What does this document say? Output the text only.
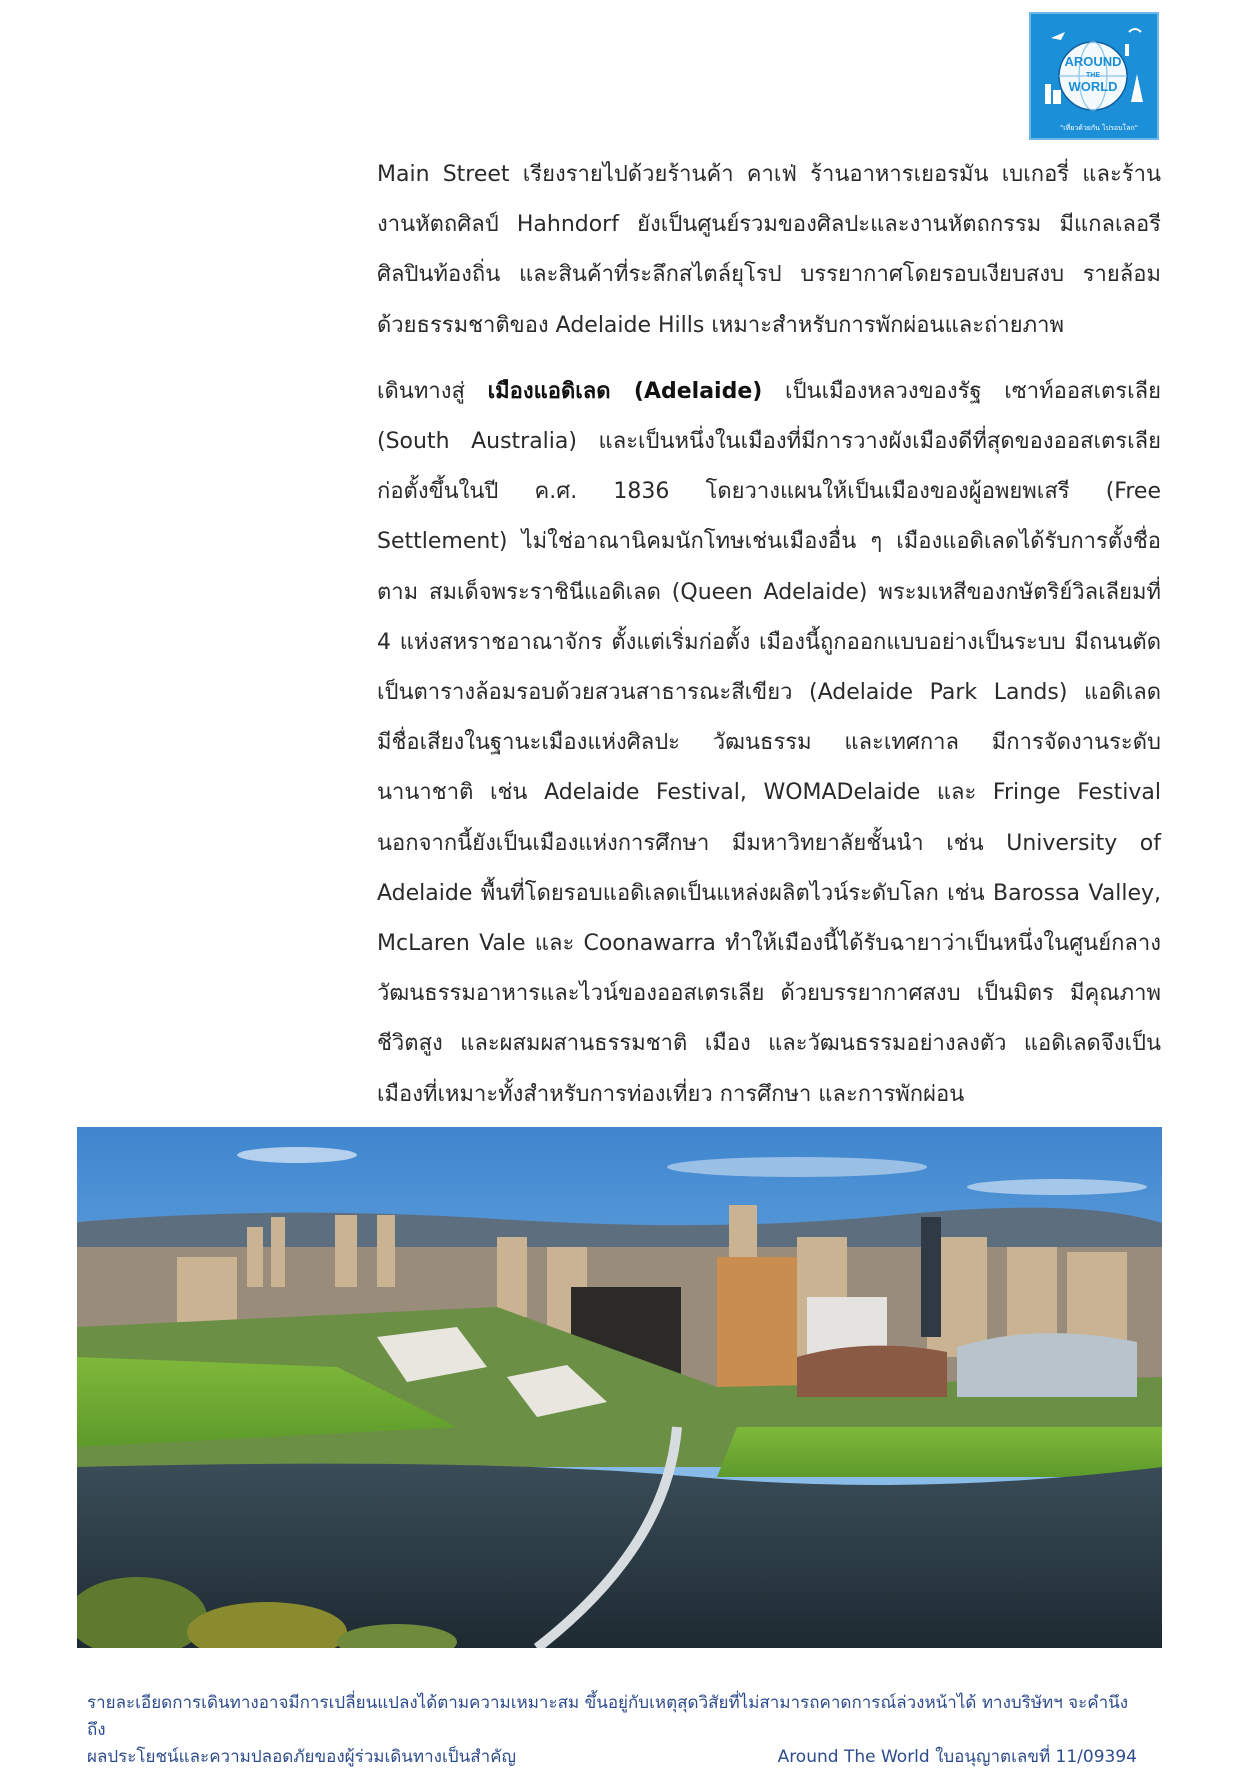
AROUND
THE
WORLD
"เที่ยวด้วยกัน ไปรอบโลก"

Main Street เรียงรายไปด้วยร้านค้า คาเฟ่ ร้านอาหารเยอรมัน เบเกอรี่ และร้านงานหัตถศิลป์ Hahndorf ยังเป็นศูนย์รวมของศิลปะและงานหัตถกรรม มีแกลเลอรี ศิลปินท้องถิ่น และสินค้าที่ระลึกสไตล์ยุโรป บรรยากาศโดยรอบเงียบสงบ รายล้อมด้วยธรรมชาติของ Adelaide Hills เหมาะสำหรับการพักผ่อนและถ่ายภาพ

เดินทางสู่ เมืองแอดิเลด (Adelaide) เป็นเมืองหลวงของรัฐ เซาท์ออสเตรเลีย (South Australia) และเป็นหนึ่งในเมืองที่มีการวางผังเมืองดีที่สุดของออสเตรเลีย ก่อตั้งขึ้นในปี ค.ศ. 1836 โดยวางแผนให้เป็นเมืองของผู้อพยพเสรี (Free Settlement) ไม่ใช่อาณานิคมนักโทษเช่นเมืองอื่น ๆ เมืองแอดิเลดได้รับการตั้งชื่อตาม สมเด็จพระราชินีแอดิเลด (Queen Adelaide) พระมเหสีของกษัตริย์วิลเลียมที่ 4 แห่งสหราชอาณาจักร ตั้งแต่เริ่มก่อตั้ง เมืองนี้ถูกออกแบบอย่างเป็นระบบ มีถนนตัดเป็นตารางล้อมรอบด้วยสวนสาธารณะสีเขียว (Adelaide Park Lands) แอดิเลดมีชื่อเสียงในฐานะเมืองแห่งศิลปะ วัฒนธรรม และเทศกาล มีการจัดงานระดับนานาชาติ เช่น Adelaide Festival, WOMADelaide และ Fringe Festival นอกจากนี้ยังเป็นเมืองแห่งการศึกษา มีมหาวิทยาลัยชั้นนำ เช่น University of Adelaide พื้นที่โดยรอบแอดิเลดเป็นแหล่งผลิตไวน์ระดับโลก เช่น Barossa Valley, McLaren Vale และ Coonawarra ทำให้เมืองนี้ได้รับฉายาว่าเป็นหนึ่งในศูนย์กลางวัฒนธรรมอาหารและไวน์ของออสเตรเลีย ด้วยบรรยากาศสงบ เป็นมิตร มีคุณภาพชีวิตสูง และผสมผสานธรรมชาติ เมือง และวัฒนธรรมอย่างลงตัว แอดิเลดจึงเป็นเมืองที่เหมาะทั้งสำหรับการท่องเที่ยว การศึกษา และการพักผ่อน

รายละเอียดการเดินทางอาจมีการเปลี่ยนแปลงได้ตามความเหมาะสม ขึ้นอยู่กับเหตุสุดวิสัยที่ไม่สามารถคาดการณ์ล่วงหน้าได้ ทางบริษัทฯ จะคำนึงถึง
ผลประโยชน์และความปลอดภัยของผู้ร่วมเดินทางเป็นสำคัญ	Around The World ใบอนุญาตเลขที่ 11/09394
